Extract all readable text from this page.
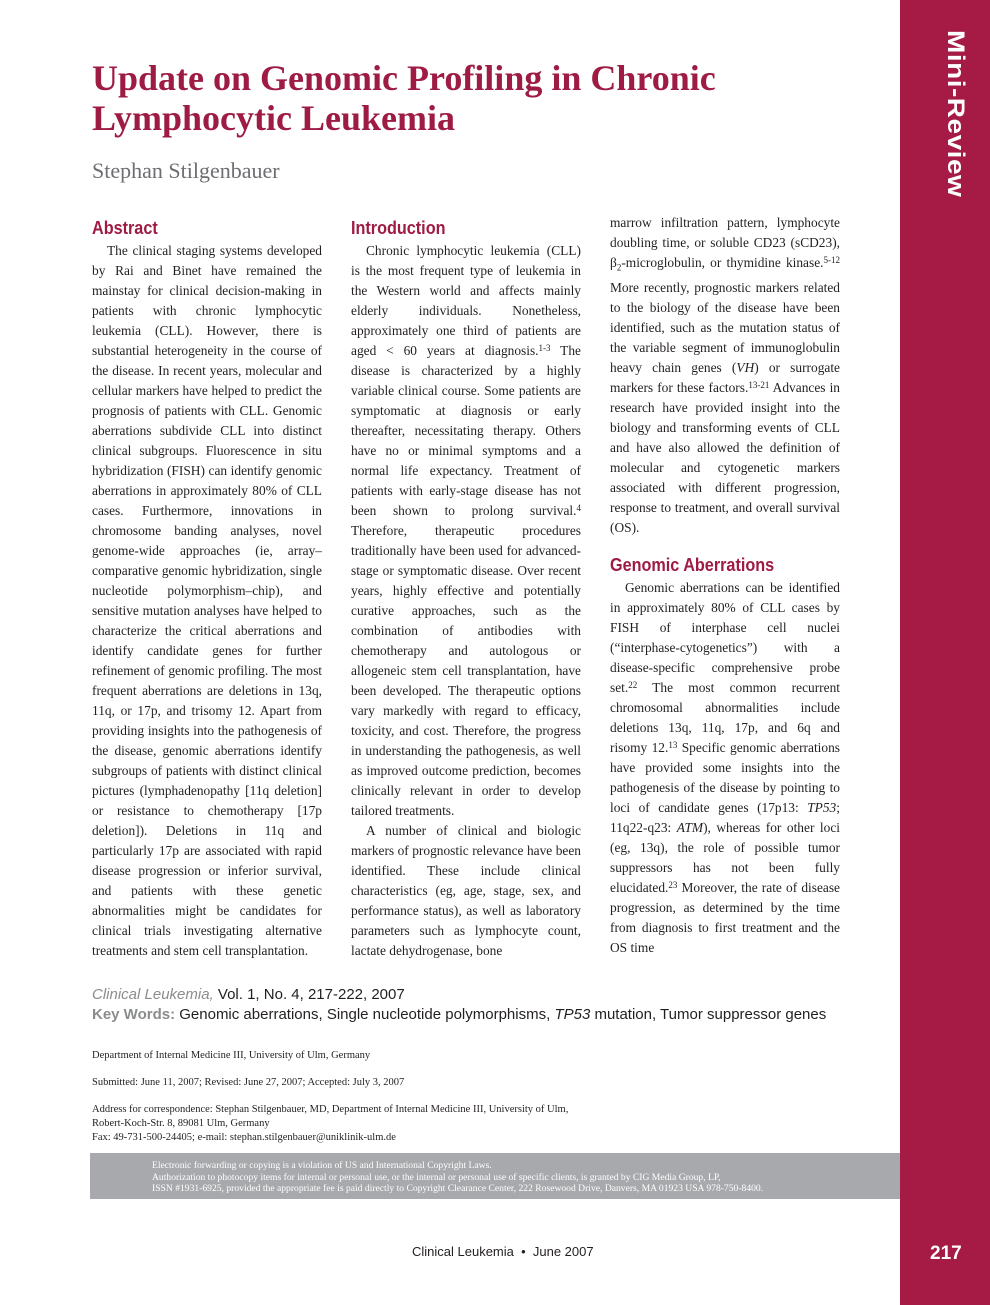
Mini-Review
Update on Genomic Profiling in Chronic Lymphocytic Leukemia
Stephan Stilgenbauer
Abstract

The clinical staging systems developed by Rai and Binet have remained the mainstay for clinical decision-making in patients with chronic lymphocytic leukemia (CLL). However, there is substantial heterogeneity in the course of the disease. In recent years, molecular and cellular markers have helped to predict the prognosis of patients with CLL. Genomic aberrations subdivide CLL into distinct clinical subgroups. Fluorescence in situ hybridization (FISH) can identify genomic aberrations in approximately 80% of CLL cases. Furthermore, innovations in chromosome banding analyses, novel genome-wide approaches (ie, array–comparative genomic hybridization, single nucleotide polymorphism–chip), and sensitive mutation analyses have helped to characterize the critical aberrations and identify candidate genes for further refinement of genomic profiling. The most frequent aberrations are deletions in 13q, 11q, or 17p, and trisomy 12. Apart from providing insights into the pathogenesis of the disease, genomic aberrations identify subgroups of patients with distinct clinical pictures (lymphadenopathy [11q deletion] or resistance to chemotherapy [17p deletion]). Deletions in 11q and particularly 17p are associated with rapid disease progression or inferior survival, and patients with these genetic abnormalities might be candidates for clinical trials investigating alternative treatments and stem cell transplantation.

Introduction

Chronic lymphocytic leukemia (CLL) is the most frequent type of leukemia in the Western world and affects mainly elderly individuals. Nonetheless, approximately one third of patients are aged < 60 years at diagnosis.$^{1-3}$ The disease is characterized by a highly variable clinical course. Some patients are symptomatic at diagnosis or early thereafter, necessitating therapy. Others have no or minimal symptoms and a normal life expectancy. Treatment of patients with early-stage disease has not been shown to prolong survival.$^4$ Therefore, therapeutic procedures traditionally have been used for advanced-stage or symptomatic disease. Over recent years, highly effective and potentially curative approaches, such as the combination of antibodies with chemotherapy and autologous or allogeneic stem cell transplantation, have been developed. The therapeutic options vary markedly with regard to efficacy, toxicity, and cost. Therefore, the progress in understanding the pathogenesis, as well as improved outcome prediction, becomes clinically relevant in order to develop tailored treatments.

A number of clinical and biologic markers of prognostic relevance have been identified. These include clinical characteristics (eg, age, stage, sex, and performance status), as well as laboratory parameters such as lymphocyte count, lactate dehydrogenase, bone

marrow infiltration pattern, lymphocyte doubling time, or soluble CD23 (sCD23), $\beta_2$-microglobulin, or thymidine kinase.$^{5-12}$ More recently, prognostic markers related to the biology of the disease have been identified, such as the mutation status of the variable segment of immunoglobulin heavy chain genes (VH) or surrogate markers for these factors.$^{13-21}$ Advances in research have provided insight into the biology and transforming events of CLL and have also allowed the definition of molecular and cytogenetic markers associated with different progression, response to treatment, and overall survival (OS).

Genomic Aberrations

Genomic aberrations can be identified in approximately 80% of CLL cases by FISH of interphase cell nuclei (“interphase-cytogenetics”) with a disease-specific comprehensive probe set.$^{22}$ The most common recurrent chromosomal abnormalities include deletions 13q, 11q, 17p, and 6q and risomy 12.13 Specific genomic aberrations have provided some insights into the pathogenesis of the disease by pointing to loci of candidate genes (17p13: TP53; 11q22-q23: ATM), whereas for other loci (eg, 13q), the role of possible tumor suppressors has not been fully elucidated.$^{23}$ Moreover, the rate of disease progression, as determined by the time from diagnosis to first treatment and the OS time

Clinical Leukemia, Vol. 1, No. 4, 217-222, 2007
Key Words: Genomic aberrations, Single nucleotide polymorphisms, TP53 mutation, Tumor suppressor genes
Department of Internal Medicine III, University of Ulm, Germany
Submitted: June 11, 2007; Revised: June 27, 2007; Accepted: July 3, 2007
Address for correspondence: Stephan Stilgenbauer, MD, Department of Internal Medicine III, University of Ulm,
Robert-Koch-Str. 8, 89081 Ulm, Germany
Fax: 49-731-500-24405; e-mail: stephan.stilgenbauer@uniklinik-ulm.de
Electronic forwarding or copying is a violation of US and International Copyright Laws.
Authorization to photocopy items for internal or personal use, or the internal or personal use of specific clients, is granted by CIG Media Group, LP,
ISSN #1931-6925, provided the appropriate fee is paid directly to Copyright Clearance Center, 222 Rosewood Drive, Danvers, MA 01923 USA 978-750-8400.
Clinical Leukemia  •  June 2007	217
